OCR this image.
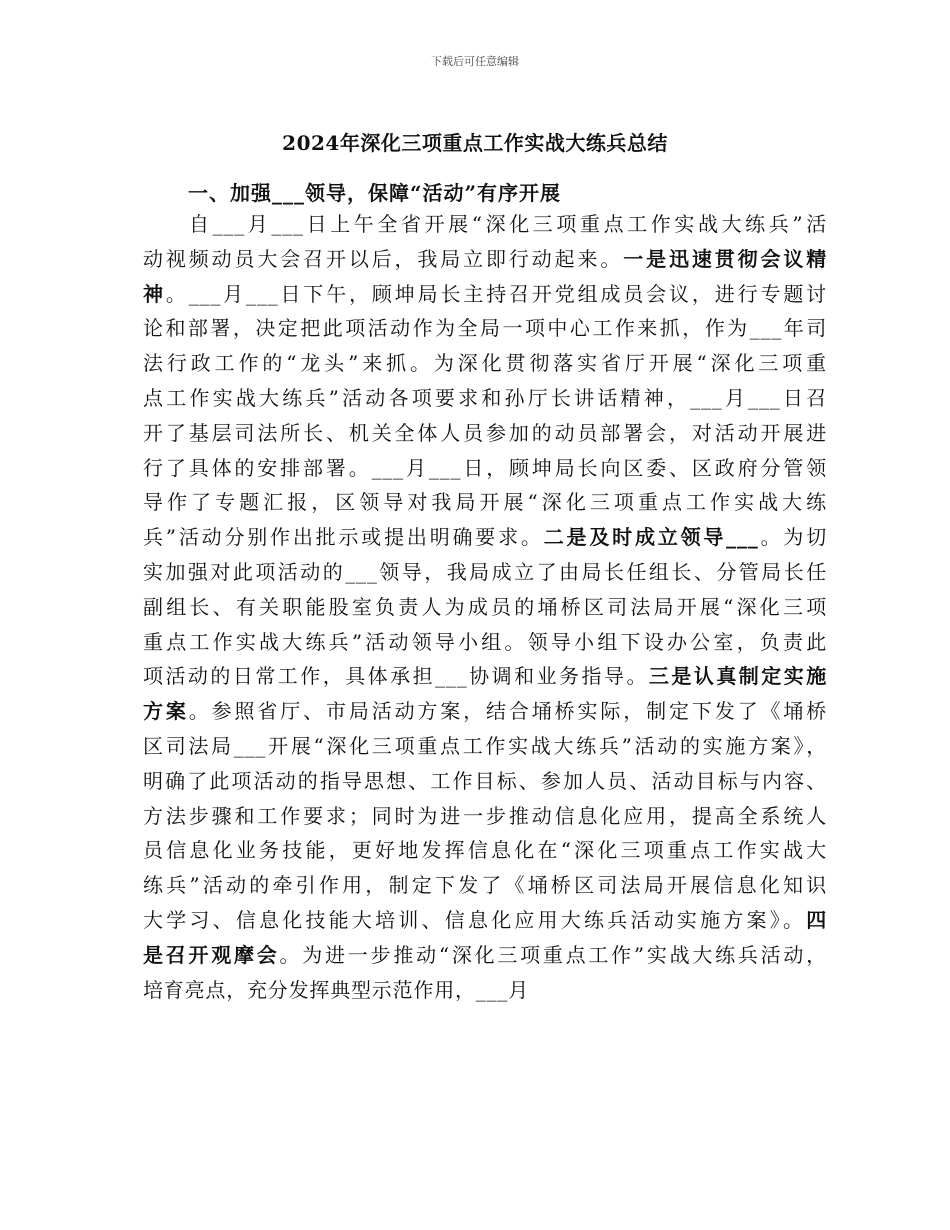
下载后可任意编辑
2024年深化三项重点工作实战大练兵总结
一、加强___领导，保障“活动”有序开展
自___月___日上午全省开展“深化三项重点工作实战大练兵”活
动视频动员大会召开以后，我局立即行动起来。一是迅速贯彻会议精
神。___月___日下午，顾坤局长主持召开党组成员会议，进行专题讨
论和部署，决定把此项活动作为全局一项中心工作来抓，作为___年司
法行政工作的“龙头”来抓。为深化贯彻落实省厅开展“深化三项重
点工作实战大练兵”活动各项要求和孙厅长讲话精神，___月___日召
开了基层司法所长、机关全体人员参加的动员部署会，对活动开展进
行了具体的安排部署。___月___日，顾坤局长向区委、区政府分管领
导作了专题汇报，区领导对我局开展“深化三项重点工作实战大练
兵”活动分别作出批示或提出明确要求。二是及时成立领导___。为切
实加强对此项活动的___领导，我局成立了由局长任组长、分管局长任
副组长、有关职能股室负责人为成员的埇桥区司法局开展“深化三项
重点工作实战大练兵”活动领导小组。领导小组下设办公室，负责此
项活动的日常工作，具体承担___协调和业务指导。三是认真制定实施
方案。参照省厅、市局活动方案，结合埇桥实际，制定下发了《埇桥
区司法局___开展“深化三项重点工作实战大练兵”活动的实施方案》，
明确了此项活动的指导思想、工作目标、参加人员、活动目标与内容、
方法步骤和工作要求；同时为进一步推动信息化应用，提高全系统人
员信息化业务技能，更好地发挥信息化在“深化三项重点工作实战大
练兵”活动的牵引作用，制定下发了《埇桥区司法局开展信息化知识
大学习、信息化技能大培训、信息化应用大练兵活动实施方案》。四
是召开观摩会。为进一步推动“深化三项重点工作”实战大练兵活动，
培育亮点，充分发挥典型示范作用，___月
